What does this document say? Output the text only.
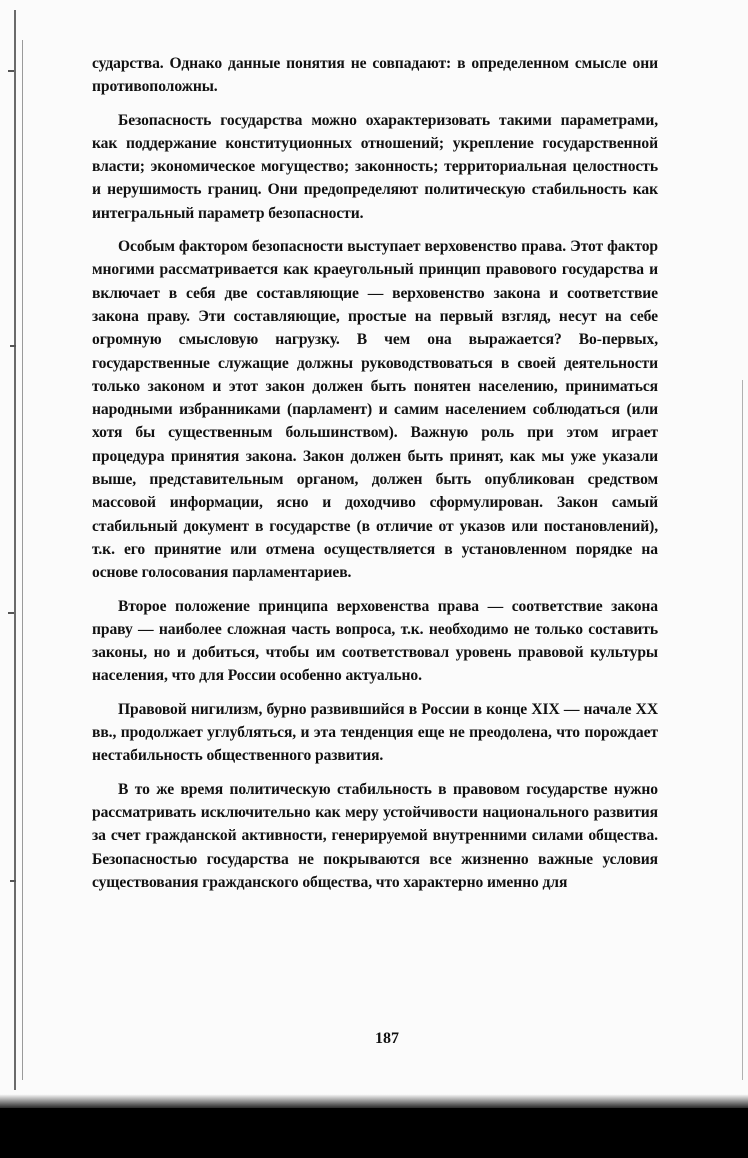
сударства. Однако данные понятия не совпадают: в определенном смысле они противоположны.

Безопасность государства можно охарактеризовать такими параметрами, как поддержание конституционных отношений; укрепление государственной власти; экономическое могущество; законность; территориальная целостность и нерушимость границ. Они предопределяют политическую стабильность как интегральный параметр безопасности.

Особым фактором безопасности выступает верховенство права. Этот фактор многими рассматривается как краеугольный принцип правового государства и включает в себя две составляющие — верховенство закона и соответствие закона праву. Эти составляющие, простые на первый взгляд, несут на себе огромную смысловую нагрузку. В чем она выражается? Во-первых, государственные служащие должны руководствоваться в своей деятельности только законом и этот закон должен быть понятен населению, приниматься народными избранниками (парламент) и самим населением соблюдаться (или хотя бы существенным большинством). Важную роль при этом играет процедура принятия закона. Закон должен быть принят, как мы уже указали выше, представительным органом, должен быть опубликован средством массовой информации, ясно и доходчиво сформулирован. Закон самый стабильный документ в государстве (в отличие от указов или постановлений), т.к. его принятие или отмена осуществляется в установленном порядке на основе голосования парламентариев.

Второе положение принципа верховенства права — соответствие закона праву — наиболее сложная часть вопроса, т.к. необходимо не только составить законы, но и добиться, чтобы им соответствовал уровень правовой культуры населения, что для России особенно актуально.

Правовой нигилизм, бурно развившийся в России в конце XIX — начале XX вв., продолжает углубляться, и эта тенденция еще не преодолена, что порождает нестабильность общественного развития.

В то же время политическую стабильность в правовом государстве нужно рассматривать исключительно как меру устойчивости национального развития за счет гражданской активности, генерируемой внутренними силами общества. Безопасностью государства не покрываются все жизненно важные условия существования гражданского общества, что характерно именно для

187
